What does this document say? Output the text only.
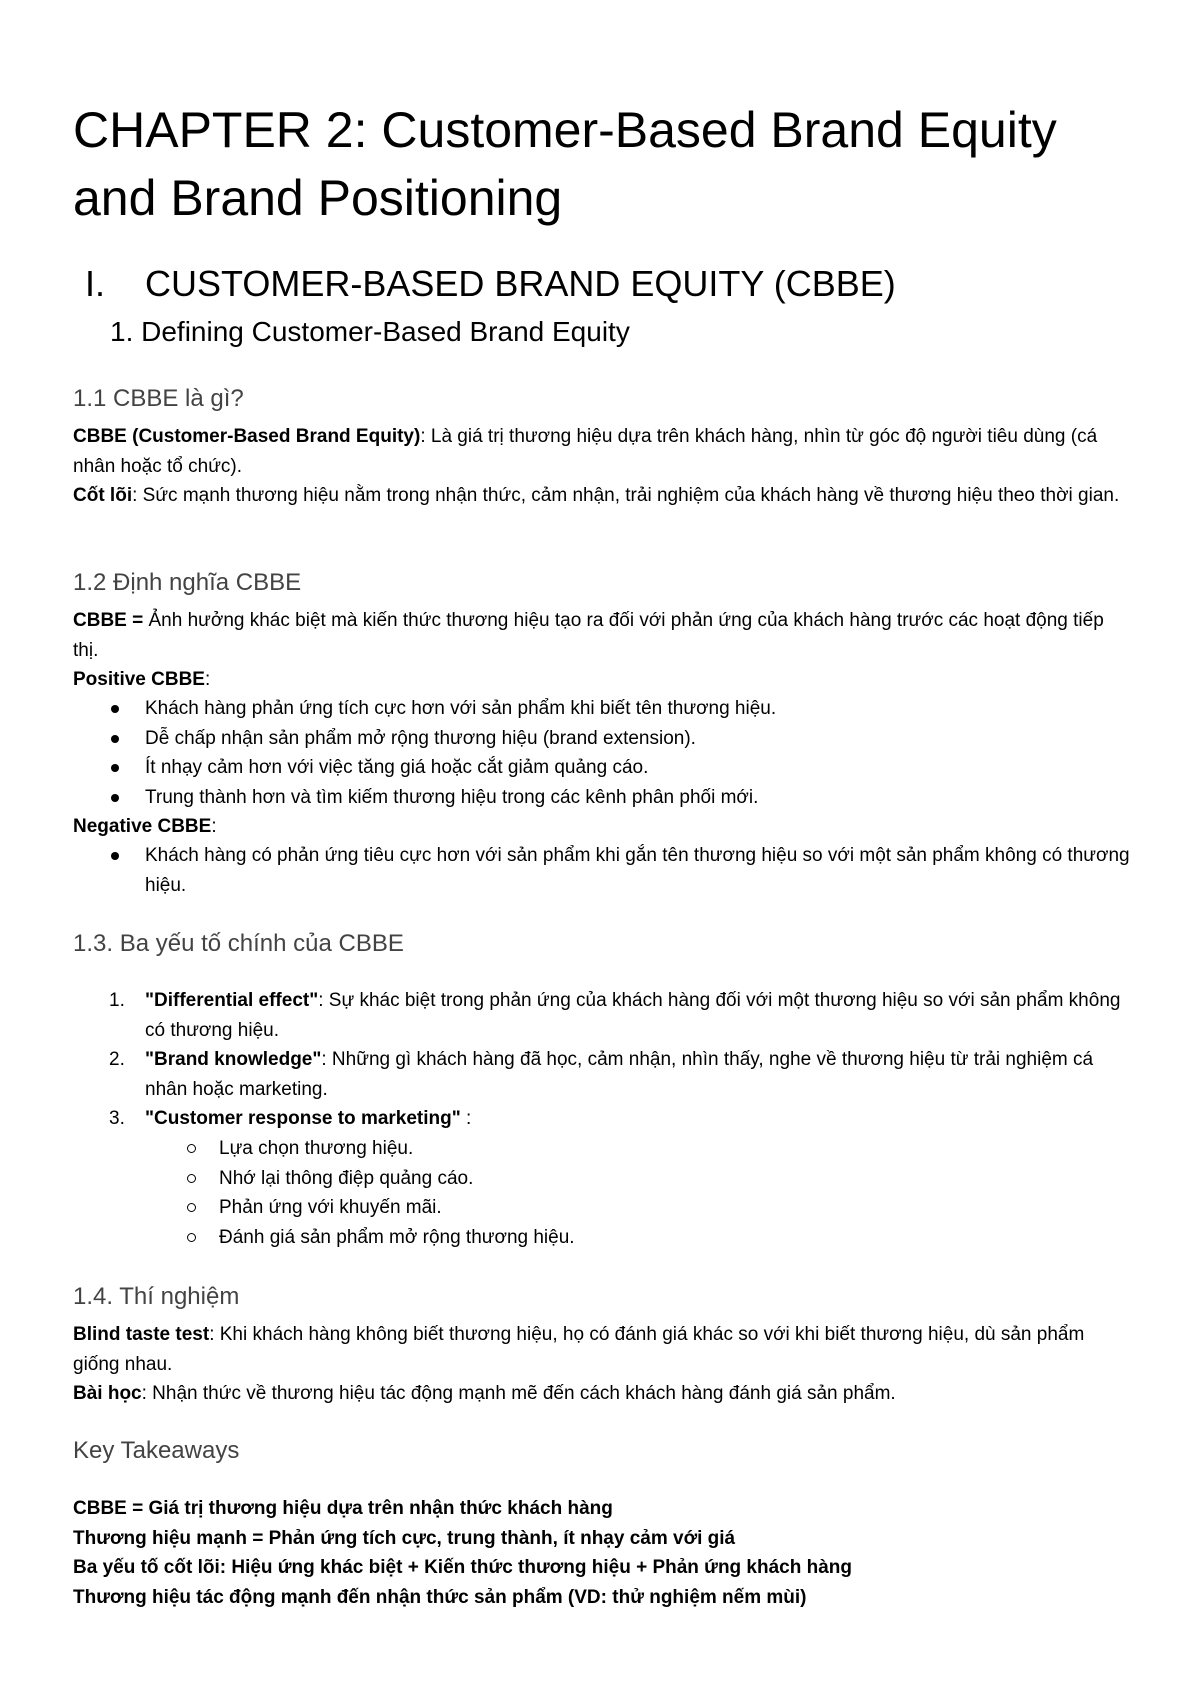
CHAPTER 2: Customer-Based Brand Equity and Brand Positioning
I. CUSTOMER-BASED BRAND EQUITY (CBBE)
1. Defining Customer-Based Brand Equity
1.1 CBBE là gì?
CBBE (Customer-Based Brand Equity): Là giá trị thương hiệu dựa trên khách hàng, nhìn từ góc độ người tiêu dùng (cá nhân hoặc tổ chức).
Cốt lõi: Sức mạnh thương hiệu nằm trong nhận thức, cảm nhận, trải nghiệm của khách hàng về thương hiệu theo thời gian.
1.2 Định nghĩa CBBE
CBBE = Ảnh hưởng khác biệt mà kiến thức thương hiệu tạo ra đối với phản ứng của khách hàng trước các hoạt động tiếp thị.
Positive CBBE:
Khách hàng phản ứng tích cực hơn với sản phẩm khi biết tên thương hiệu.
Dễ chấp nhận sản phẩm mở rộng thương hiệu (brand extension).
Ít nhạy cảm hơn với việc tăng giá hoặc cắt giảm quảng cáo.
Trung thành hơn và tìm kiếm thương hiệu trong các kênh phân phối mới.
Negative CBBE:
Khách hàng có phản ứng tiêu cực hơn với sản phẩm khi gắn tên thương hiệu so với một sản phẩm không có thương hiệu.
1.3. Ba yếu tố chính của CBBE
1.	"Differential effect": Sự khác biệt trong phản ứng của khách hàng đối với một thương hiệu so với sản phẩm không có thương hiệu.
2.	"Brand knowledge": Những gì khách hàng đã học, cảm nhận, nhìn thấy, nghe về thương hiệu từ trải nghiệm cá nhân hoặc marketing.
3.	"Customer response to marketing" :
Lựa chọn thương hiệu.
Nhớ lại thông điệp quảng cáo.
Phản ứng với khuyến mãi.
Đánh giá sản phẩm mở rộng thương hiệu.
1.4. Thí nghiệm
Blind taste test: Khi khách hàng không biết thương hiệu, họ có đánh giá khác so với khi biết thương hiệu, dù sản phẩm giống nhau.
Bài học: Nhận thức về thương hiệu tác động mạnh mẽ đến cách khách hàng đánh giá sản phẩm.
Key Takeaways
CBBE = Giá trị thương hiệu dựa trên nhận thức khách hàng
Thương hiệu mạnh = Phản ứng tích cực, trung thành, ít nhạy cảm với giá
Ba yếu tố cốt lõi: Hiệu ứng khác biệt + Kiến thức thương hiệu + Phản ứng khách hàng
Thương hiệu tác động mạnh đến nhận thức sản phẩm (VD: thử nghiệm nếm mùi)
